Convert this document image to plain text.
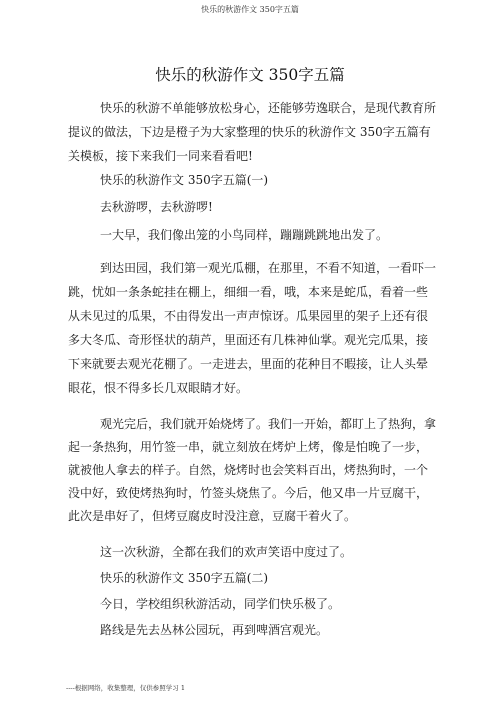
快乐的秋游作文 350字五篇
快乐的秋游作文 350字五篇

快乐的秋游不单能够放松身心，还能够劳逸联合，是现代教育所提议的做法，下边是橙子为大家整理的快乐的秋游作文 350字五篇有关模板，接下来我们一同来看看吧!

快乐的秋游作文 350字五篇(一)
去秋游啰，去秋游啰!
一大早，我们像出笼的小鸟同样，蹦蹦跳跳地出发了。

到达田园，我们第一观光瓜棚，在那里，不看不知道，一看吓一跳，忧如一条条蛇挂在棚上，细细一看，哦，本来是蛇瓜，看着一些从未见过的瓜果，不由得发出一声声惊讶。瓜果园里的架子上还有很多大冬瓜、奇形怪状的葫芦，里面还有几株神仙掌。观光完瓜果，接下来就要去观光花棚了。一走进去，里面的花种目不暇接，让人头晕眼花，恨不得多长几双眼睛才好。

观光完后，我们就开始烧烤了。我们一开始，都盯上了热狗，拿起一条热狗，用竹签一串，就立刻放在烤炉上烤，像是怕晚了一步，就被他人拿去的样子。自然，烧烤时也会笑料百出，烤热狗时，一个没中好，致使烤热狗时，竹签头烧焦了。今后，他又串一片豆腐干，此次是串好了，但烤豆腐皮时没注意，豆腐干着火了。

这一次秋游，全都在我们的欢声笑语中度过了。
快乐的秋游作文 350字五篇(二)
今日，学校组织秋游活动，同学们快乐极了。
路线是先去丛林公园玩，再到啤酒宫观光。
----根据网络，收集整理，仅供参照学习 1
